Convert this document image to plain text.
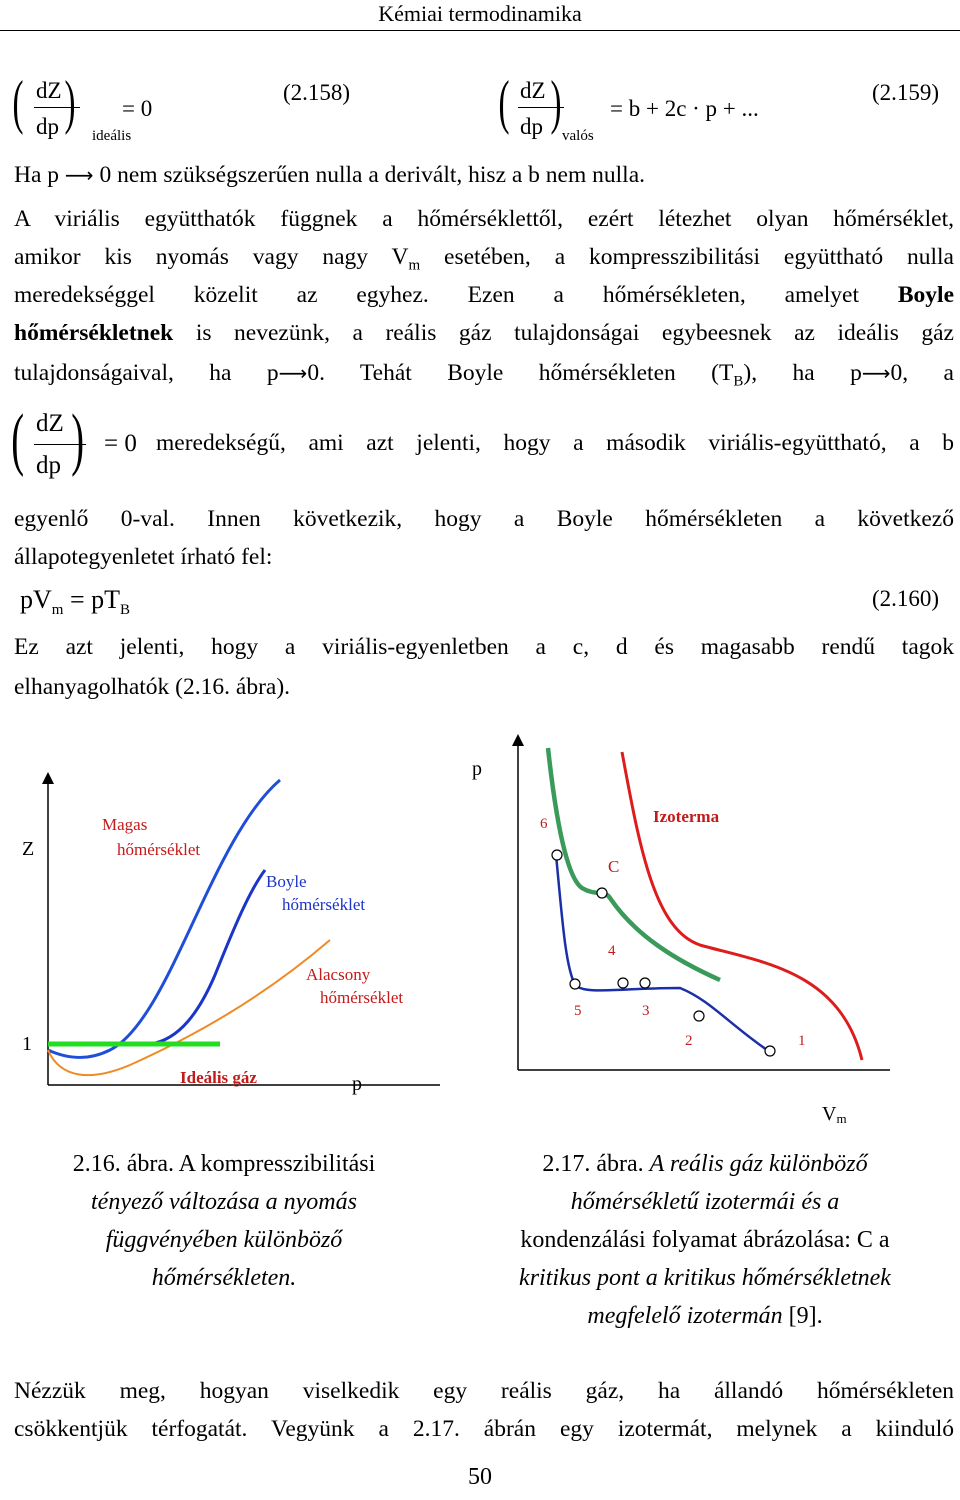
Kémiai termodinamika
( dZ
dp )
ideális
= 0
(2.158) ( dZ
dp )
valós
= b + 2c · p + ...
(2.159)
Ha p ⟶ 0 nem szükségszerűen nulla a derivált, hisz a b nem nulla.
A viriális együtthatók függnek a hőmérséklettől, ezért létezhet olyan hőmérséklet,
amikor kis nyomás vagy nagy $V_m$ esetében, a kompresszibilitási együttható nulla
meredekséggel közelit az egyhez. Ezen a hőmérsékleten, amelyet Boyle
hőmérsékletnek is nevezünk, a reális gáz tulajdonságai egybeesnek az ideális gáz
tulajdonságaival, ha p⟶0. Tehát Boyle hőmérsékleten $(T_B)$, ha p⟶0, a
( dZ
dp ) = 0 meredekségű, ami azt jelenti, hogy a második viriális-együttható, a b
egyenlő 0-val. Innen következik, hogy a Boyle hőmérsékleten a következő
állapotegyenletet írható fel:
$pV_m = pT_B$	(2.160)
Ez azt jelenti, hogy a viriális-egyenletben a c, d és magasabb rendű tagok
elhanyagolhatók (2.16. ábra).
Z
1
p
Magas
hőmérséklet
Boyle
hőmérséklet
Alacsony
hőmérséklet
Ideális gáz
p
Vm
6
4
5	3
2	1
C
Izoterma
2.16. ábra. A kompresszibilitási
tényező változása a nyomás
függvényében különböző
hőmérsékleten.
2.17. ábra. A reális gáz különböző
hőmérsékletű izotermái és a
kondenzálási folyamat ábrázolása: C a
kritikus pont a kritikus hőmérsékletnek
megfelelő izotermán [9].
Nézzük meg, hogyan viselkedik egy reális gáz, ha állandó hőmérsékleten
csökkentjük térfogatát. Vegyünk a 2.17. ábrán egy izotermát, melynek a kiinduló
50
